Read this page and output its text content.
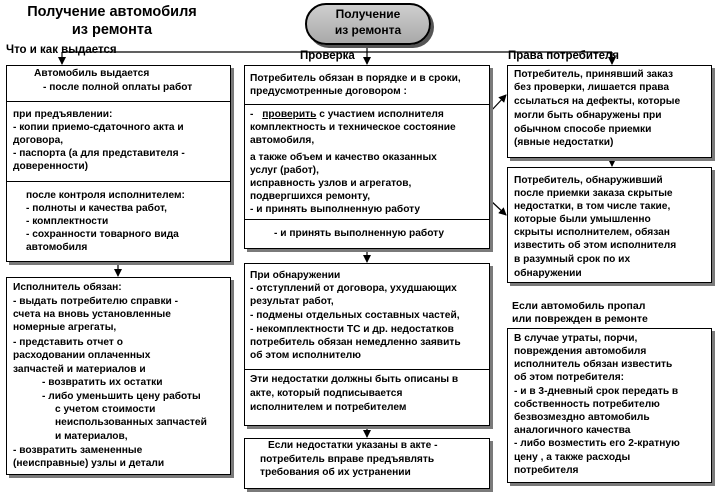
Получение автомобиля
из ремонта
Получение
из ремонта
Что и как выдается	Проверка	Права потребителя
Автомобиль выдается
- после полной оплаты работ
при предъявлении:
- копии приемо-сдаточного акта и
договора,
- паспорта (а для представителя -
доверенности)
после контроля исполнителем:
- полноты и качества работ,
- комплектности
- сохранности товарного вида
автомобиля
Исполнитель обязан:
- выдать потребителю справки -
счета на вновь установленные
номерные агрегаты,
- представить отчет о
расходовании оплаченных
запчастей и материалов и
- возвратить их остатки
- либо уменьшить цену работы
с учетом стоимости
неиспользованных запчастей
и материалов,
- возвратить замененные
(неисправные) узлы и детали
Потребитель обязан в порядке и в сроки,
предусмотренные договором :
- проверить с участием исполнителя
комплектность и техническое состояние
автомобиля,
а также объем и качество оказанных
услуг (работ),
исправность узлов и агрегатов,
подвергшихся ремонту,
- и принять выполненную работу
- и принять выполненную работу
При обнаружении
- отступлений от договора, ухудшающих
результат работ,
- подмены отдельных составных частей,
- некомплектности ТС и др. недостатков
потребитель обязан немедленно заявить
об этом исполнителю
Эти недостатки должны быть описаны в
акте, который подписывается
исполнителем и потребителем
Если недостатки указаны в акте -
потребитель вправе предъявлять
требования об их устранении
Потребитель, принявший заказ
без проверки, лишается права
ссылаться на дефекты, которые
могли быть обнаружены при
обычном способе приемки
(явные недостатки)
Потребитель, обнаруживший
после приемки заказа скрытые
недостатки, в том числе такие,
которые были умышленно
скрыты исполнителем, обязан
известить об этом исполнителя
в разумный срок по их
обнаружении
Если автомобиль пропал
или поврежден в ремонте
В случае утраты, порчи,
повреждения автомобиля
исполнитель обязан известить
об этом потребителя:
- и в 3-дневный срок передать в
собственность потребителю
безвозмездно автомобиль
аналогичного качества
- либо возместить его 2-кратную
цену , а также расходы
потребителя
